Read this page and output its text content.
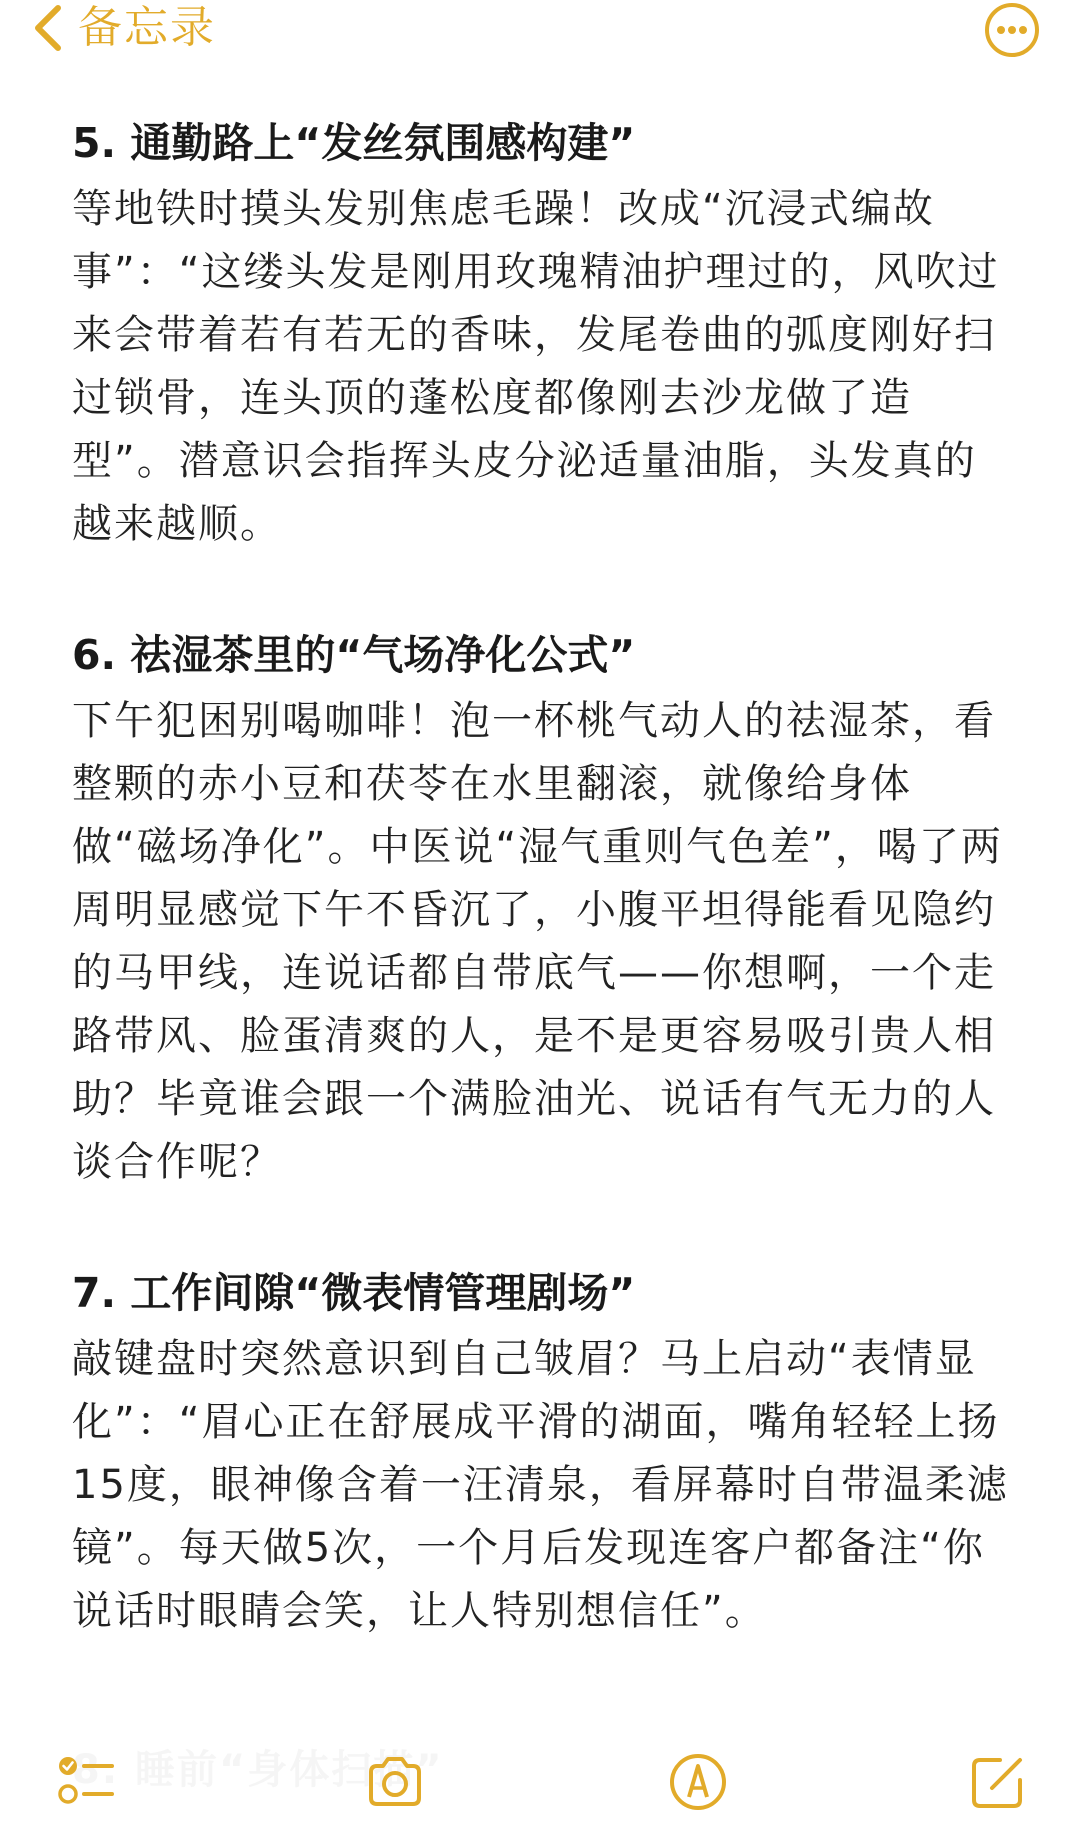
备忘录

5. 通勤路上“发丝氛围感构建”

等地铁时摸头发别焦虑毛躁！改成“沉浸式编故事”：“这缕头发是刚用玫瑰精油护理过的，风吹过来会带着若有若无的香味，发尾卷曲的弧度刚好扫过锁骨，连头顶的蓬松度都像刚去沙龙做了造型”。潜意识会指挥头皮分泌适量油脂，头发真的越来越顺。

6. 祛湿茶里的“气场净化公式”

下午犯困别喝咖啡！泡一杯桃气动人的祛湿茶，看整颗的赤小豆和茯苓在水里翻滚，就像给身体做“磁场净化”。中医说“湿气重则气色差”，喝了两周明显感觉下午不昏沉了，小腹平坦得能看见隐约的马甲线，连说话都自带底气——你想啊，一个走路带风、脸蛋清爽的人，是不是更容易吸引贵人相助？毕竟谁会跟一个满脸油光、说话有气无力的人谈合作呢？

7. 工作间隙“微表情管理剧场”

敲键盘时突然意识到自己皱眉？马上启动“表情显化”：“眉心正在舒展成平滑的湖面，嘴角轻轻上扬15度，眼神像含着一汪清泉，看屏幕时自带温柔滤镜”。每天做5次，一个月后发现连客户都备注“你说话时眼睛会笑，让人特别想信任”。
